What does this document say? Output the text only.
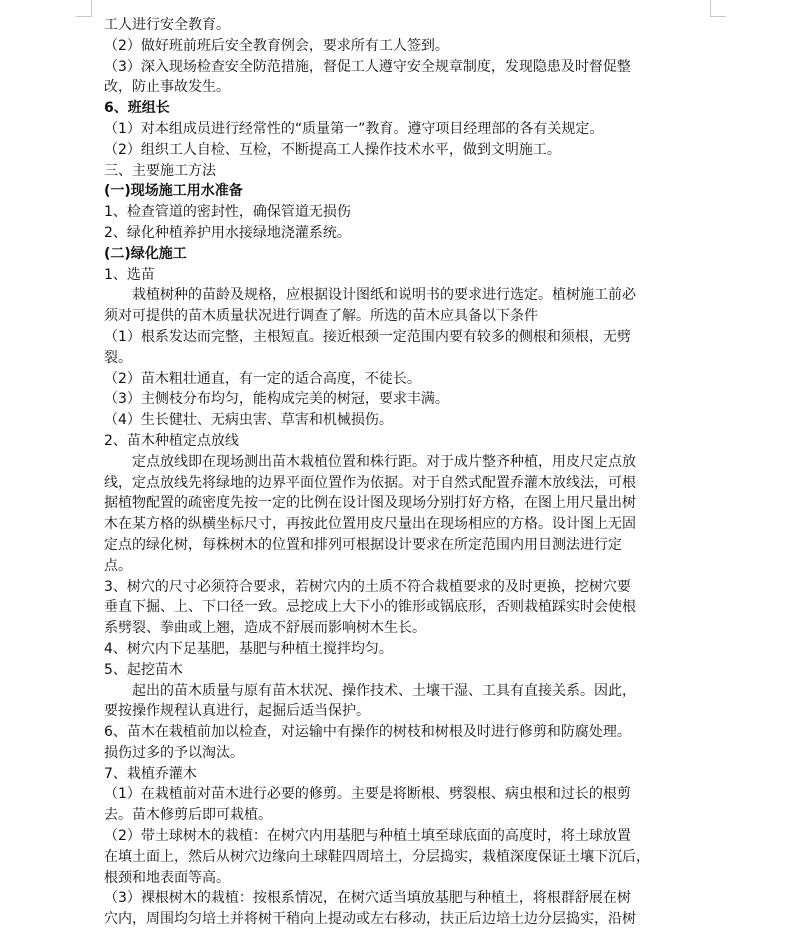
工人进行安全教育。

（2）做好班前班后安全教育例会，要求所有工人签到。

（3）深入现场检查安全防范措施，督促工人遵守安全规章制度，发现隐患及时督促整

改，防止事故发生。

6、班组长

（1）对本组成员进行经常性的“质量第一”教育。遵守项目经理部的各有关规定。

（2）组织工人自检、互检，不断提高工人操作技术水平，做到文明施工。

三、主要施工方法

(一)现场施工用水准备

1、检查管道的密封性，确保管道无损伤

2、绿化种植养护用水接绿地浇灌系统。

(二)绿化施工

1、选苗

栽植树种的苗龄及规格，应根据设计图纸和说明书的要求进行选定。植树施工前必

须对可提供的苗木质量状况进行调查了解。所选的苗木应具备以下条件

（1）根系发达而完整，主根短直。接近根颈一定范围内要有较多的侧根和须根，无劈

裂。

（2）苗木粗壮通直，有一定的适合高度，不徒长。

（3）主侧枝分布均匀，能构成完美的树冠，要求丰满。

（4）生长健壮、无病虫害、草害和机械损伤。

2、苗木种植定点放线

定点放线即在现场测出苗木栽植位置和株行距。对于成片整齐种植，用皮尺定点放

线，定点放线先将绿地的边界平面位置作为依据。对于自然式配置乔灌木放线法，可根

据植物配置的疏密度先按一定的比例在设计图及现场分别打好方格，在图上用尺量出树

木在某方格的纵横坐标尺寸，再按此位置用皮尺量出在现场相应的方格。设计图上无固

定点的绿化树，每株树木的位置和排列可根据设计要求在所定范围内用目测法进行定

点。

3、树穴的尺寸必须符合要求，若树穴内的土质不符合栽植要求的及时更换，挖树穴要

垂直下掘、上、下口径一致。忌挖成上大下小的锥形或锅底形，否则栽植踩实时会使根

系劈裂、拳曲或上翘，造成不舒展而影响树木生长。

4、树穴内下足基肥，基肥与种植土搅拌均匀。

5、起挖苗木

起出的苗木质量与原有苗木状况、操作技术、土壤干湿、工具有直接关系。因此，

要按操作规程认真进行，起掘后适当保护。

6、苗木在栽植前加以检查，对运输中有操作的树枝和树根及时进行修剪和防腐处理。

损伤过多的予以淘汰。

7、栽植乔灌木

（1）在栽植前对苗木进行必要的修剪。主要是将断根、劈裂根、病虫根和过长的根剪

去。苗木修剪后即可栽植。

（2）带土球树木的栽植：在树穴内用基肥与种植土填至球底面的高度时，将土球放置

在填土面上，然后从树穴边缘向土球鞋四周培土，分层捣实，栽植深度保证土壤下沉后，

根颈和地表面等高。

（3）裸根树木的栽植：按根系情况，在树穴适当填放基肥与种植土，将根群舒展在树

穴内，周围均匀培土并将树干稍向上提动或左右移动，扶正后边培土边分层捣实，沿树
